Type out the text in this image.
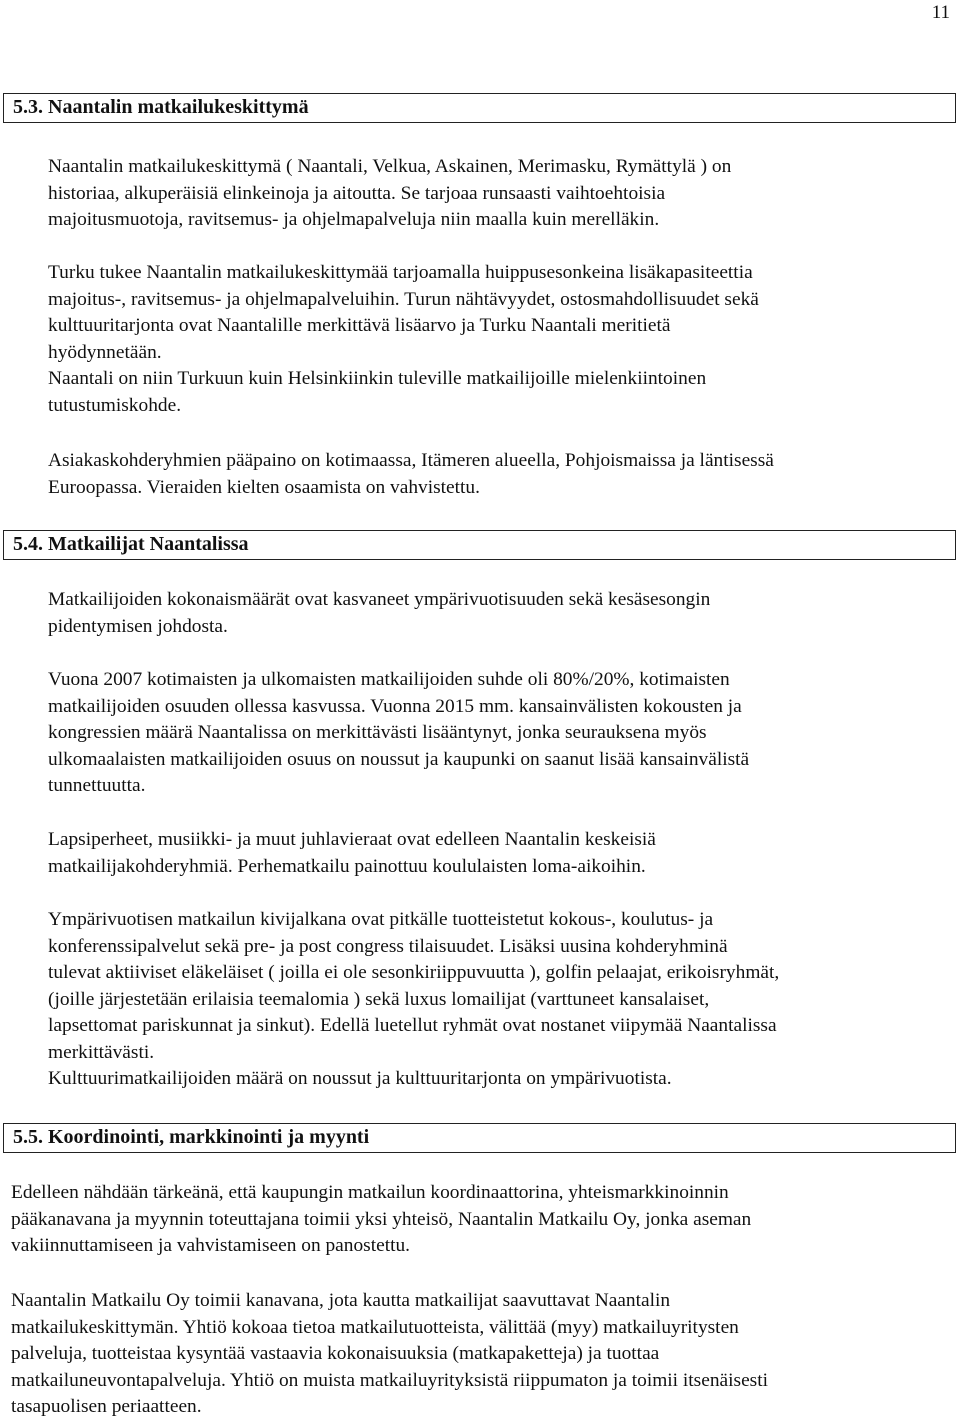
11
5.3. Naantalin matkailukeskittymä
Naantalin matkailukeskittymä ( Naantali, Velkua, Askainen, Merimasku, Rymättylä ) on
historiaa, alkuperäisiä elinkeinoja ja aitoutta. Se tarjoaa runsaasti vaihtoehtoisia
majoitusmuotoja, ravitsemus- ja ohjelmapalveluja niin maalla kuin merelläkin.
Turku tukee Naantalin matkailukeskittymää tarjoamalla huippusesonkeina lisäkapasiteettia
majoitus-, ravitsemus- ja ohjelmapalveluihin. Turun nähtävyydet, ostosmahdollisuudet sekä
kulttuuritarjonta ovat Naantalille merkittävä lisäarvo ja Turku Naantali meritietä
hyödynnetään.
Naantali on niin Turkuun kuin Helsinkiinkin tuleville matkailijoille mielenkiintoinen
tutustumiskohde.
Asiakaskohderyhmien pääpaino on kotimaassa, Itämeren alueella, Pohjoismaissa ja läntisessä
Euroopassa. Vieraiden kielten osaamista on vahvistettu.
5.4. Matkailijat Naantalissa
Matkailijoiden kokonaismäärät ovat kasvaneet ympärivuotisuuden sekä kesäsesongin
pidentymisen johdosta.
Vuona 2007 kotimaisten ja ulkomaisten matkailijoiden suhde oli 80%/20%, kotimaisten
matkailijoiden osuuden ollessa kasvussa. Vuonna 2015 mm. kansainvälisten kokousten ja
kongressien määrä Naantalissa on merkittävästi lisääntynyt, jonka seurauksena myös
ulkomaalaisten matkailijoiden osuus on noussut ja kaupunki on saanut lisää kansainvälistä
tunnettuutta.
Lapsiperheet, musiikki- ja muut juhlavieraat ovat edelleen Naantalin keskeisiä
matkailijakohderyhmiä. Perhematkailu painottuu koululaisten loma-aikoihin.
Ympärivuotisen matkailun kivijalkana ovat pitkälle tuotteistetut kokous-, koulutus- ja
konferenssipalvelut sekä pre- ja post congress tilaisuudet. Lisäksi uusina kohderyhminä
tulevat aktiiviset eläkeläiset ( joilla ei ole sesonkiriippuvuutta ), golfin pelaajat, erikoisryhmät,
(joille järjestetään erilaisia teemalomia ) sekä luxus lomailijat (varttuneet kansalaiset,
lapsettomat pariskunnat ja sinkut). Edellä luetellut ryhmät ovat nostanet viipymää Naantalissa
merkittävästi.
Kulttuurimatkailijoiden määrä on noussut ja kulttuuritarjonta on ympärivuotista.
5.5. Koordinointi, markkinointi ja myynti
Edelleen nähdään tärkeänä, että kaupungin matkailun koordinaattorina, yhteismarkkinoinnin
pääkanavana ja myynnin toteuttajana toimii yksi yhteisö, Naantalin Matkailu Oy, jonka aseman
vakiinnuttamiseen ja vahvistamiseen on panostettu.
Naantalin Matkailu Oy toimii kanavana, jota kautta matkailijat saavuttavat Naantalin
matkailukeskittymän. Yhtiö kokoaa tietoa matkailutuotteista, välittää (myy) matkailuyritysten
palveluja, tuotteistaa kysyntää vastaavia kokonaisuuksia (matkapaketteja) ja tuottaa
matkailuneuvontapalveluja. Yhtiö on muista matkailuyrityksistä riippumaton ja toimii itsenäisesti
tasapuolisen periaatteen.
